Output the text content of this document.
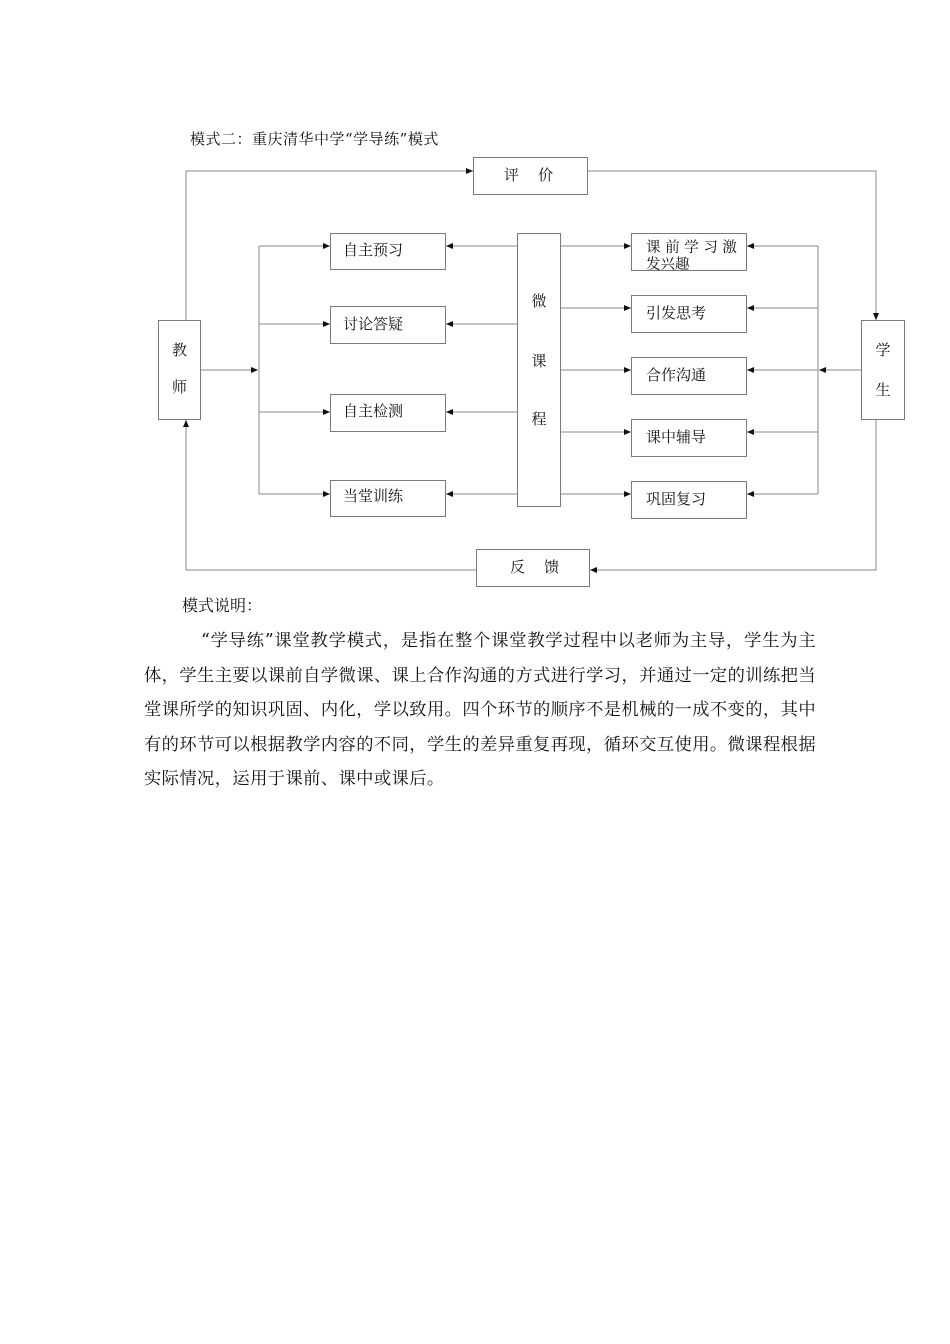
模式二：重庆清华中学“学导练”模式
评    价
反    馈
教
师
学
生
微
课
程
自主预习
讨论答疑
自主检测
当堂训练
课 前 学 习 激 发兴趣
引发思考
合作沟通
课中辅导
巩固复习
模式说明：
“学导练”课堂教学模式，是指在整个课堂教学过程中以老师为主导，学生为主体，学生主要以课前自学微课、课上合作沟通的方式进行学习，并通过一定的训练把当堂课所学的知识巩固、内化，学以致用。四个环节的顺序不是机械的一成不变的，其中有的环节可以根据教学内容的不同，学生的差异重复再现，循环交互使用。微课程根据实际情况，运用于课前、课中或课后。
